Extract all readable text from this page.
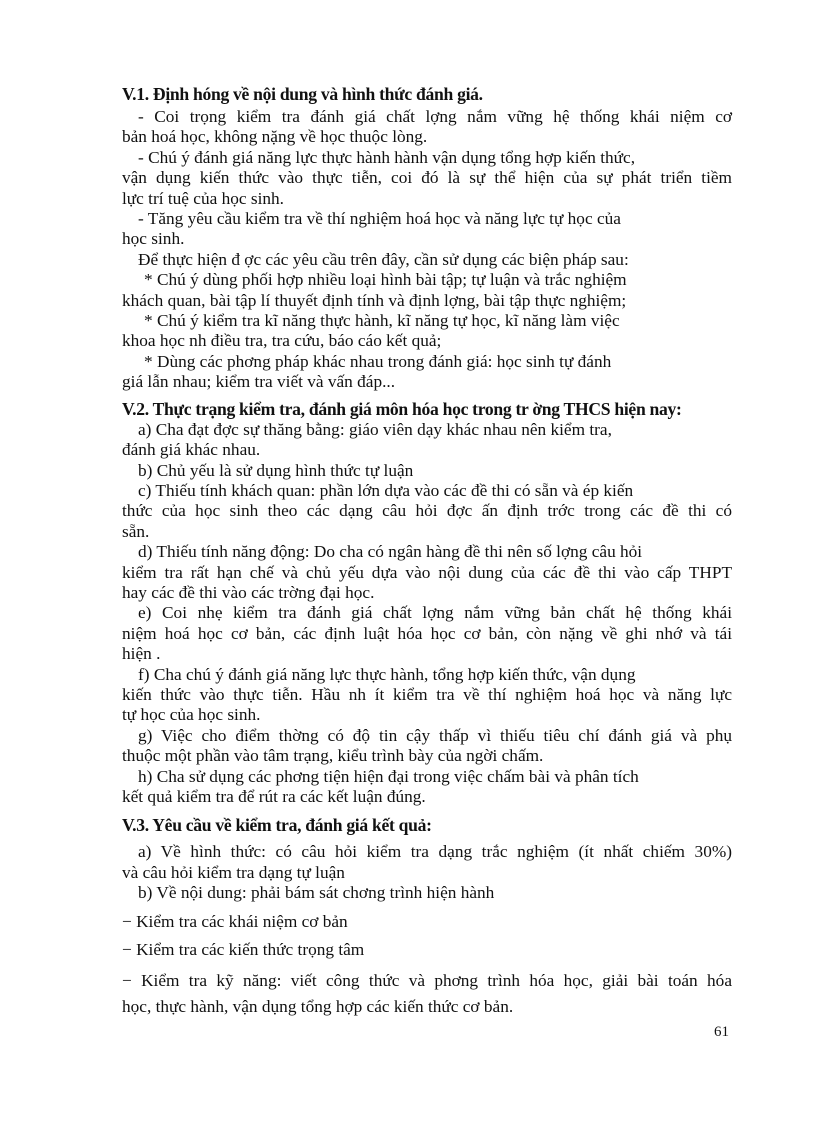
V.1. Định hóng về nội dung và hình thức đánh giá.

- Coi trọng kiểm tra đánh giá chất lợng nắm vững hệ thống khái niệm cơ
bản hoá học, không nặng về học thuộc lòng.

- Chú ý đánh giá năng lực thực hành hành vận dụng tổng hợp kiến thức,
vận dụng kiến thức vào thực tiễn, coi đó là sự thể hiện của sự phát triển tiềm
lực trí tuệ của học sinh.

- Tăng yêu cầu kiểm tra về thí nghiệm hoá học và năng lực tự học của
học sinh.

Để thực hiện đ ợc các yêu cầu trên đây, cần sử dụng các biện pháp sau:

* Chú ý dùng phối hợp nhiều loại hình bài tập; tự luận và trắc nghiệm
khách quan, bài tập lí thuyết định tính và định lợng, bài tập thực nghiệm;

* Chú ý kiểm tra kĩ năng thực hành, kĩ năng tự học, kĩ năng làm việc
khoa học nh điều tra, tra cứu, báo cáo kết quả;

* Dùng các phơng pháp khác nhau trong đánh giá: học sinh tự đánh
giá lẫn nhau; kiểm tra viết và vấn đáp...

V.2. Thực trạng kiểm tra, đánh giá môn hóa học trong tr ờng THCS hiện nay:

a) Cha đạt đợc sự thăng bằng: giáo viên dạy khác nhau nên kiểm tra,
đánh giá khác nhau.

b) Chủ yếu là sử dụng hình thức tự luận

c) Thiếu tính khách quan: phần lớn dựa vào các đề thi có sẵn và ép kiến
thức của học sinh theo các dạng câu hỏi đợc ấn định trớc trong các đề thi có
sẵn.

d) Thiếu tính năng động: Do cha có ngân hàng đề thi nên số lợng câu hỏi
kiểm tra rất hạn chế và chủ yếu dựa vào nội dung của các đề thi vào cấp THPT
hay các đề thi vào các trờng đại học.

e) Coi nhẹ kiểm tra đánh giá chất lợng nắm vững bản chất hệ thống khái
niệm hoá học cơ bản, các định luật hóa học cơ bản, còn nặng về ghi nhớ và tái
hiện .

f) Cha chú ý đánh giá năng lực thực hành, tổng hợp kiến thức, vận dụng
kiến thức vào thực tiễn. Hầu nh ít kiểm tra về thí nghiệm hoá học và năng lực
tự học của học sinh.

g) Việc cho điểm thờng có độ tin cậy thấp vì thiếu tiêu chí đánh giá và phụ
thuộc một phần vào tâm trạng, kiểu trình bày của ngời chấm.

h) Cha sử dụng các phơng tiện hiện đại trong việc chấm bài và phân tích
kết quả kiểm tra để rút ra các kết luận đúng.

V.3. Yêu cầu về kiểm tra, đánh giá kết quả:

a) Về hình thức: có câu hỏi kiểm tra dạng trắc nghiệm (ít nhất chiếm 30%)
và câu hỏi kiểm tra dạng tự luận

b) Về nội dung: phải bám sát chơng trình hiện hành

− Kiểm tra các khái niệm cơ bản

− Kiểm tra các kiến thức trọng tâm

− Kiểm tra kỹ năng: viết công thức và phơng trình hóa học, giải bài toán hóa
học, thực hành, vận dụng tổng hợp các kiến thức cơ bản.

61
